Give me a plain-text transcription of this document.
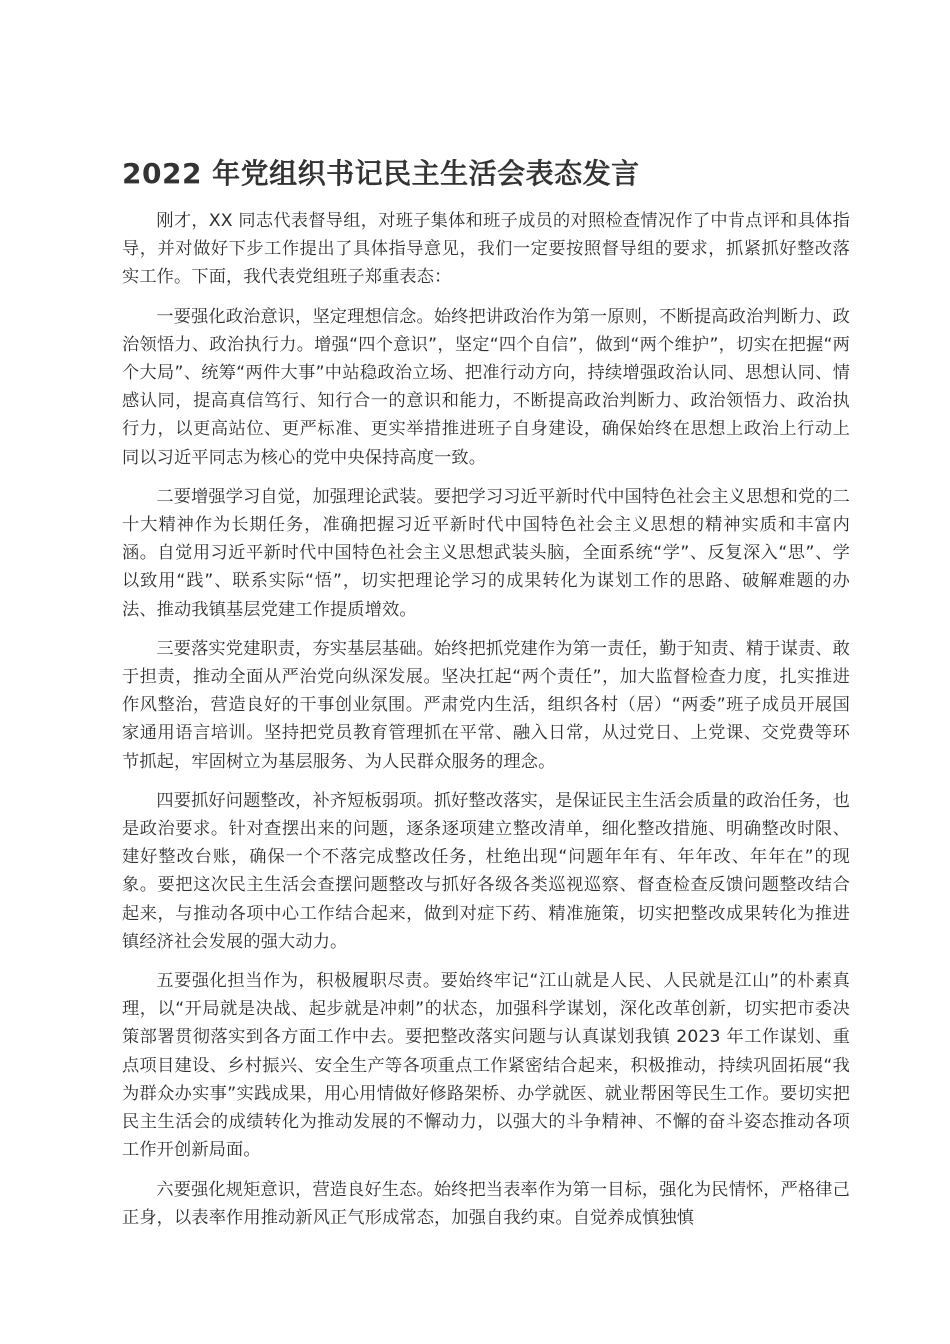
2022 年党组织书记民主生活会表态发言

刚才，XX 同志代表督导组，对班子集体和班子成员的对照检查情况作了中肯点评和具体指导，并对做好下步工作提出了具体指导意见，我们一定要按照督导组的要求，抓紧抓好整改落实工作。下面，我代表党组班子郑重表态：

一要强化政治意识，坚定理想信念。始终把讲政治作为第一原则，不断提高政治判断力、政治领悟力、政治执行力。增强“四个意识”，坚定“四个自信”，做到“两个维护”，切实在把握“两个大局”、统筹“两件大事”中站稳政治立场、把准行动方向，持续增强政治认同、思想认同、情感认同，提高真信笃行、知行合一的意识和能力，不断提高政治判断力、政治领悟力、政治执行力，以更高站位、更严标准、更实举措推进班子自身建设，确保始终在思想上政治上行动上同以习近平同志为核心的党中央保持高度一致。

二要增强学习自觉，加强理论武装。要把学习习近平新时代中国特色社会主义思想和党的二十大精神作为长期任务，准确把握习近平新时代中国特色社会主义思想的精神实质和丰富内涵。自觉用习近平新时代中国特色社会主义思想武装头脑，全面系统“学”、反复深入“思”、学以致用“践”、联系实际“悟”，切实把理论学习的成果转化为谋划工作的思路、破解难题的办法、推动我镇基层党建工作提质增效。

三要落实党建职责，夯实基层基础。始终把抓党建作为第一责任，勤于知责、精于谋责、敢于担责，推动全面从严治党向纵深发展。坚决扛起“两个责任”，加大监督检查力度，扎实推进作风整治，营造良好的干事创业氛围。严肃党内生活，组织各村（居）“两委”班子成员开展国家通用语言培训。坚持把党员教育管理抓在平常、融入日常，从过党日、上党课、交党费等环节抓起，牢固树立为基层服务、为人民群众服务的理念。

四要抓好问题整改，补齐短板弱项。抓好整改落实，是保证民主生活会质量的政治任务，也是政治要求。针对查摆出来的问题，逐条逐项建立整改清单，细化整改措施、明确整改时限、建好整改台账，确保一个不落完成整改任务，杜绝出现“问题年年有、年年改、年年在”的现象。要把这次民主生活会查摆问题整改与抓好各级各类巡视巡察、督查检查反馈问题整改结合起来，与推动各项中心工作结合起来，做到对症下药、精准施策，切实把整改成果转化为推进镇经济社会发展的强大动力。

五要强化担当作为，积极履职尽责。要始终牢记“江山就是人民、人民就是江山”的朴素真理，以“开局就是决战、起步就是冲刺”的状态，加强科学谋划，深化改革创新，切实把市委决策部署贯彻落实到各方面工作中去。要把整改落实问题与认真谋划我镇 2023 年工作谋划、重点项目建设、乡村振兴、安全生产等各项重点工作紧密结合起来，积极推动，持续巩固拓展“我为群众办实事”实践成果，用心用情做好修路架桥、办学就医、就业帮困等民生工作。要切实把民主生活会的成绩转化为推动发展的不懈动力，以强大的斗争精神、不懈的奋斗姿态推动各项工作开创新局面。

六要强化规矩意识，营造良好生态。始终把当表率作为第一目标，强化为民情怀，严格律己正身，以表率作用推动新风正气形成常态，加强自我约束。自觉养成慎独慎
